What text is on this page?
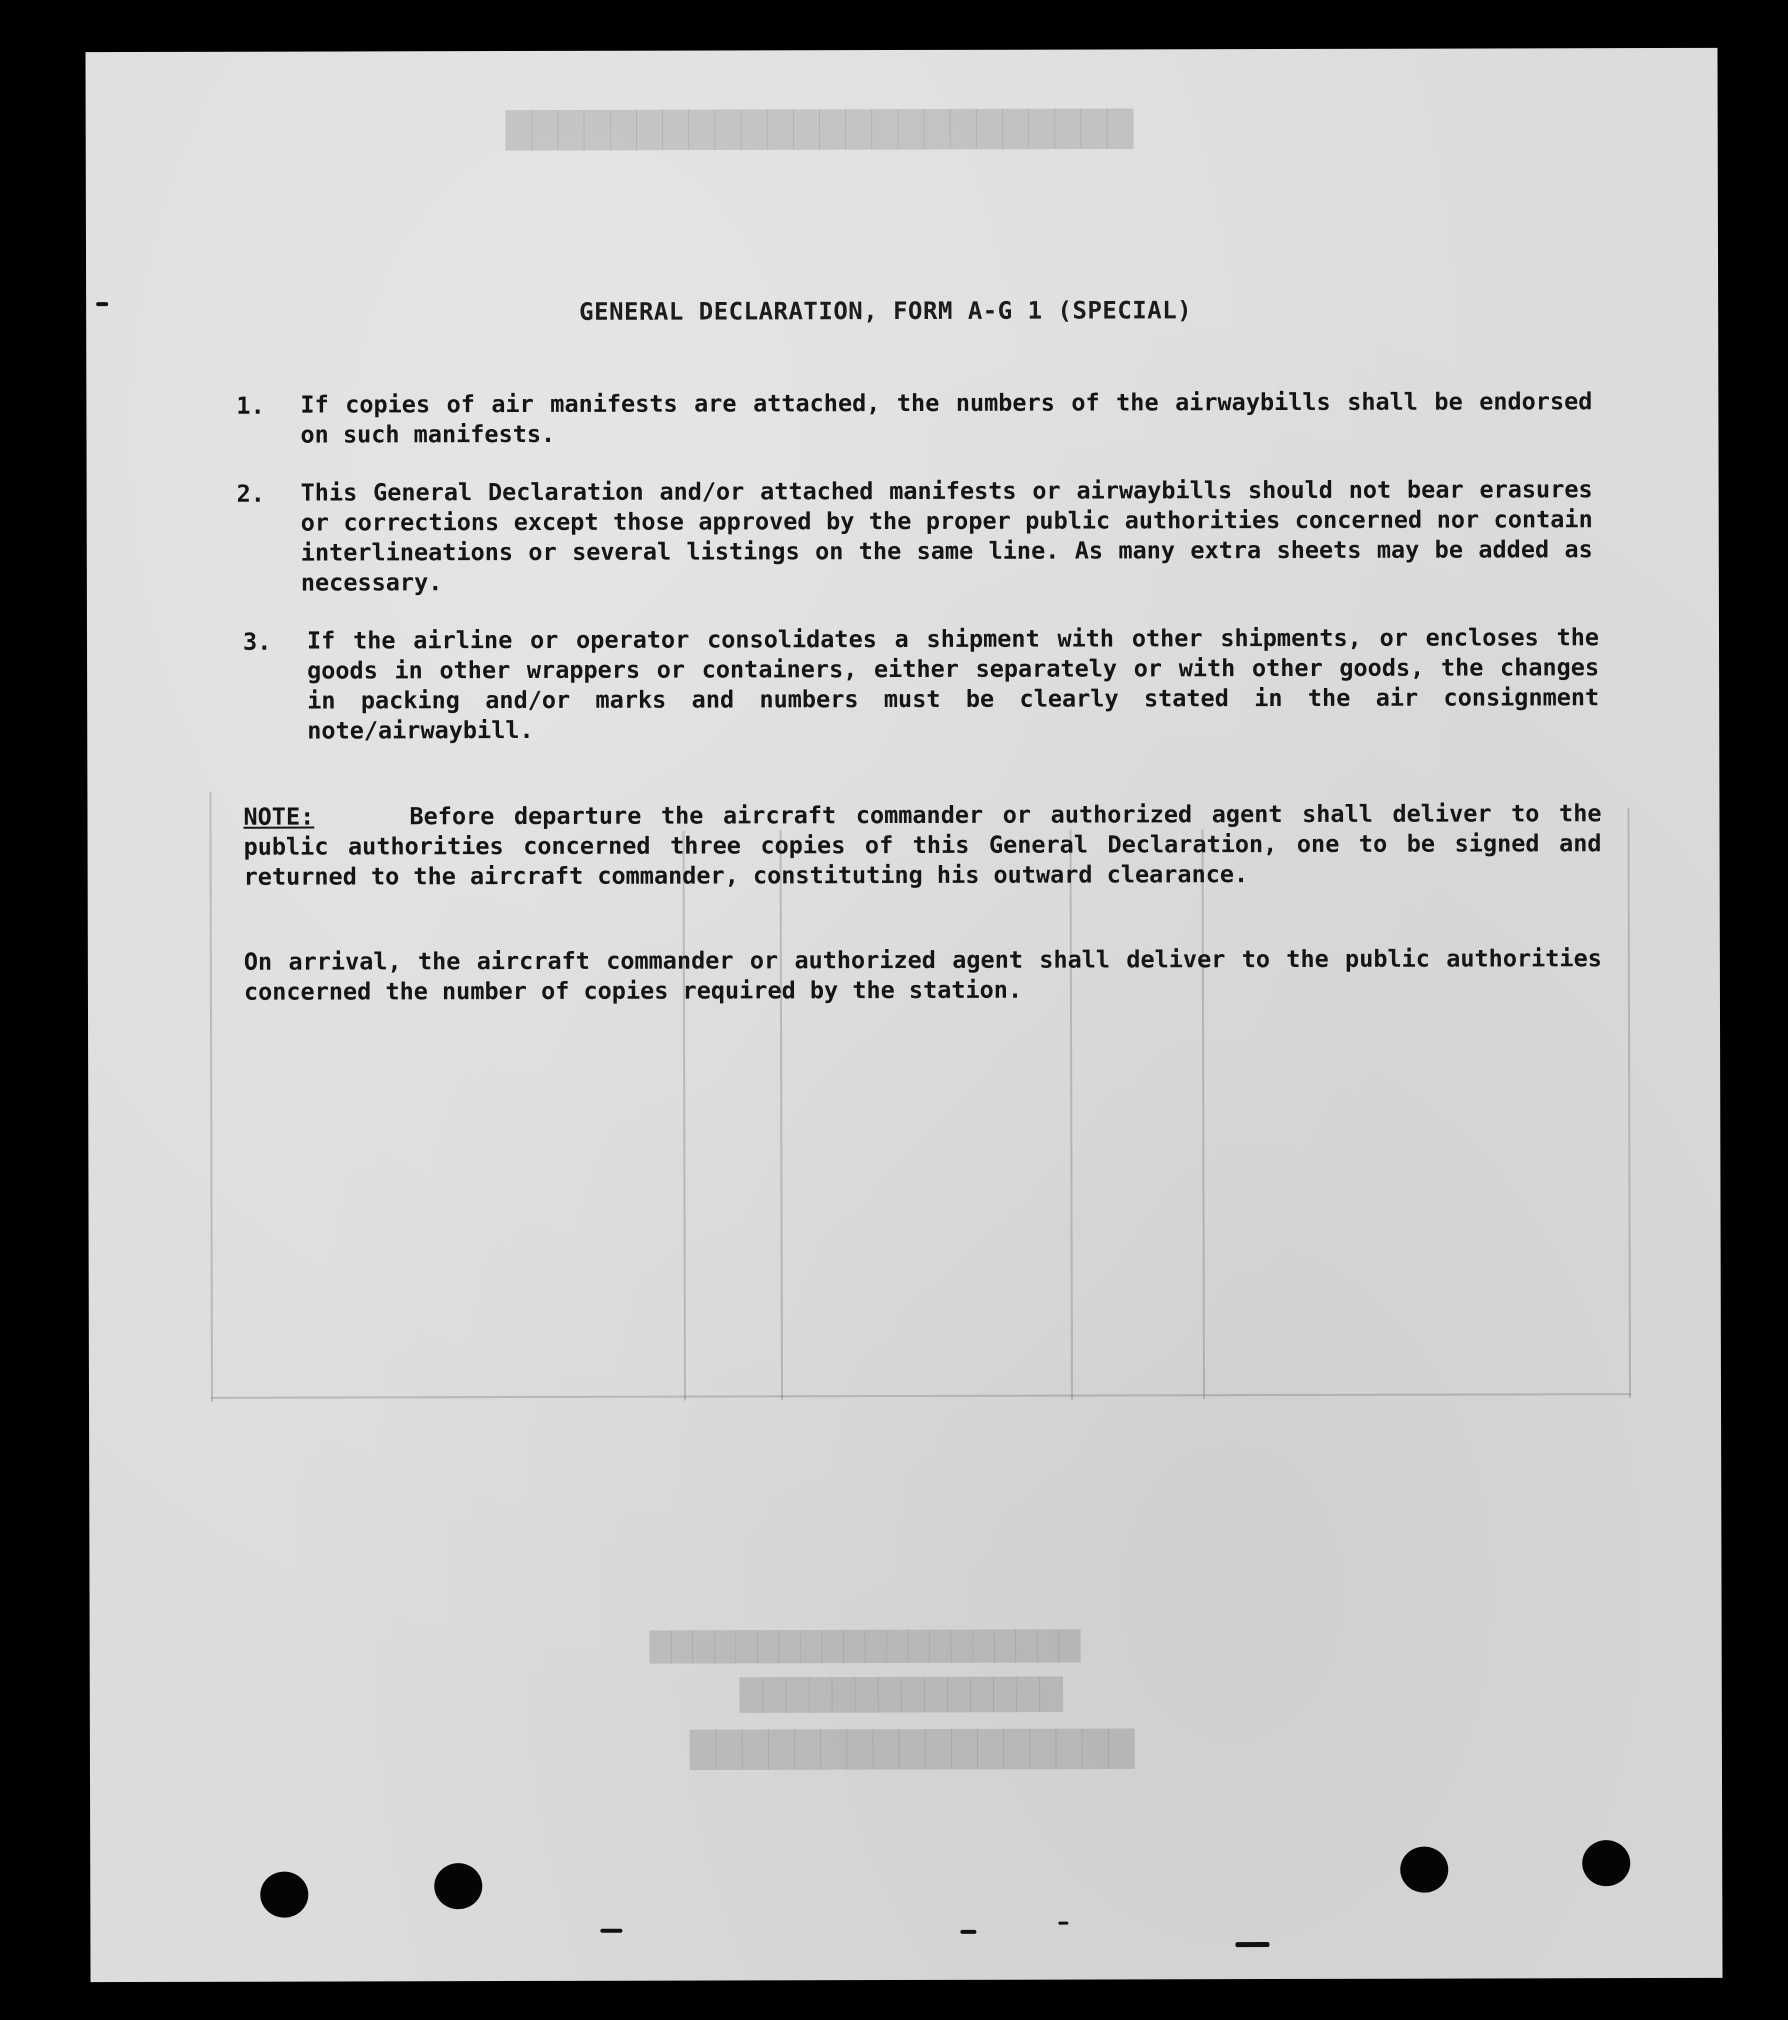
████████████████████████
████████████████████
██████████████
█████████████████
GENERAL DECLARATION, FORM A-G 1 (SPECIAL)
1. If copies of air manifests are attached, the numbers of the airwaybills shall be endorsed on such manifests.
2. This General Declaration and/or attached manifests or airwaybills should not bear erasures or corrections except those approved by the proper public authorities concerned nor contain interlineations or several listings on the same line. As many extra sheets may be added as necessary.
3. If the airline or operator consolidates a shipment with other shipments, or encloses the goods in other wrappers or containers, either separately or with other goods, the changes in packing and/or marks and numbers must be clearly stated in the air consignment note/airwaybill.
NOTE:	Before departure the aircraft commander or authorized agent shall deliver to the public authorities concerned three copies of this General Declaration, one to be signed and returned to the aircraft commander, constituting his outward clearance.
On arrival, the aircraft commander or authorized agent shall deliver to the public authorities concerned the number of copies required by the station.
